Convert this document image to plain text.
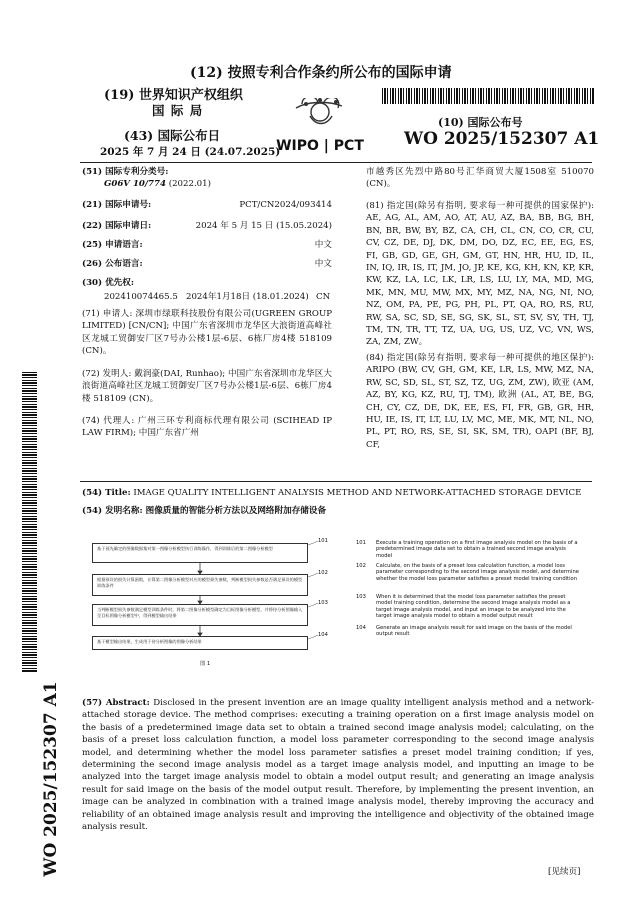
(12) 按照专利合作条约所公布的国际申请
(19) 世界知识产权组织
国 际 局
(43) 国际公布日
2025 年 7 月 24 日 (24.07.2025)
WIPO | PCT
(10) 国际公布号
WO 2025/152307 A1
(51) 国际专利分类号:
G06V 10/774 (2022.01)
(21) 国际申请号:	PCT/CN2024/093414
(22) 国际申请日:	2024 年 5 月 15 日 (15.05.2024)
(25) 申请语言:	中文
(26) 公布语言:	中文
(30) 优先权:
202410074465.5 2024年1月18日 (18.01.2024) CN
(71) 申请人: 深圳市绿联科技股份有限公司(UGREEN GROUP LIMITED) [CN/CN]; 中国广东省深圳市龙华区大浪街道高峰社区龙城工贸御安厂区7号办公楼1层-6层、6栋厂房4楼 518109 (CN)。
(72) 发明人: 戴润豪(DAI, Runhao); 中国广东省深圳市龙华区大浪街道高峰社区龙城工贸御安厂区7号办公楼1层-6层、6栋厂房4楼 518109 (CN)。
(74) 代理人: 广州三环专利商标代理有限公司 (SCIHEAD IP LAW FIRM); 中国广东省广州
市越秀区先烈中路80号汇华商贸大厦1508室 510070 (CN)。
(81) 指定国(除另有指明, 要求每一种可提供的国家保护): AE, AG, AL, AM, AO, AT, AU, AZ, BA, BB, BG, BH, BN, BR, BW, BY, BZ, CA, CH, CL, CN, CO, CR, CU, CV, CZ, DE, DJ, DK, DM, DO, DZ, EC, EE, EG, ES, FI, GB, GD, GE, GH, GM, GT, HN, HR, HU, ID, IL, IN, IQ, IR, IS, IT, JM, JO, JP, KE, KG, KH, KN, KP, KR, KW, KZ, LA, LC, LK, LR, LS, LU, LY, MA, MD, MG, MK, MN, MU, MW, MX, MY, MZ, NA, NG, NI, NO, NZ, OM, PA, PE, PG, PH, PL, PT, QA, RO, RS, RU, RW, SA, SC, SD, SE, SG, SK, SL, ST, SV, SY, TH, TJ, TM, TN, TR, TT, TZ, UA, UG, US, UZ, VC, VN, WS, ZA, ZM, ZW。
(84) 指定国(除另有指明, 要求每一种可提供的地区保护): ARIPO (BW, CV, GH, GM, KE, LR, LS, MW, MZ, NA, RW, SC, SD, SL, ST, SZ, TZ, UG, ZM, ZW), 欧亚 (AM, AZ, BY, KG, KZ, RU, TJ, TM), 欧洲 (AL, AT, BE, BG, CH, CY, CZ, DE, DK, EE, ES, FI, FR, GB, GR, HR, HU, IE, IS, IT, LT, LU, LV, MC, ME, MK, MT, NL, NO, PL, PT, RO, RS, SE, SI, SK, SM, TR), OAPI (BF, BJ, CF,
(54) Title: IMAGE QUALITY INTELLIGENT ANALYSIS METHOD AND NETWORK-ATTACHED STORAGE DEVICE
(54) 发明名称: 图像质量的智能分析方法以及网络附加存储设备
基于预先确定的图像数据集对第一图像分析模型执行训练操作，得到训练后的第二图像分析模型
根据预设的损失计算函数，计算第二图像分析模型对应的模型损失参数，判断模型损失参数是否满足预设的模型训练条件
当判断模型损失参数满足模型训练条件时，将第二图像分析模型确定为目标图像分析模型，并将待分析图像输入至目标图像分析模型中，得到模型输出结果
基于模型输出结果，生成用于待分析图像的图像分析结果
101
102
103
104
图 1
101 Execute a training operation on a first image analysis model on the basis of a predetermined image data set to obtain a trained second image analysis model
102 Calculate, on the basis of a preset loss calculation function, a model loss parameter corresponding to the second image analysis model, and determine whether the model loss parameter satisfies a preset model training condition
103 When it is determined that the model loss parameter satisfies the preset model training condition, determine the second image analysis model as a target image analysis model, and input an image to be analyzed into the target image analysis model to obtain a model output result
104 Generate an image analysis result for said image on the basis of the model output result
(57) Abstract: Disclosed in the present invention are an image quality intelligent analysis method and a network-attached storage device. The method comprises: executing a training operation on a first image analysis model on the basis of a predetermined image data set to obtain a trained second image analysis model; calculating, on the basis of a preset loss calculation function, a model loss parameter corresponding to the second image analysis model, and determining whether the model loss parameter satisfies a preset model training condition; if yes, determining the second image analysis model as a target image analysis model, and inputting an image to be analyzed into the target image analysis model to obtain a model output result; and generating an image analysis result for said image on the basis of the model output result. Therefore, by implementing the present invention, an image can be analyzed in combination with a trained image analysis model, thereby improving the accuracy and reliability of an obtained image analysis result and improving the intelligence and objectivity of the obtained image analysis result.
WO 2025/152307 A1	[见续页]
